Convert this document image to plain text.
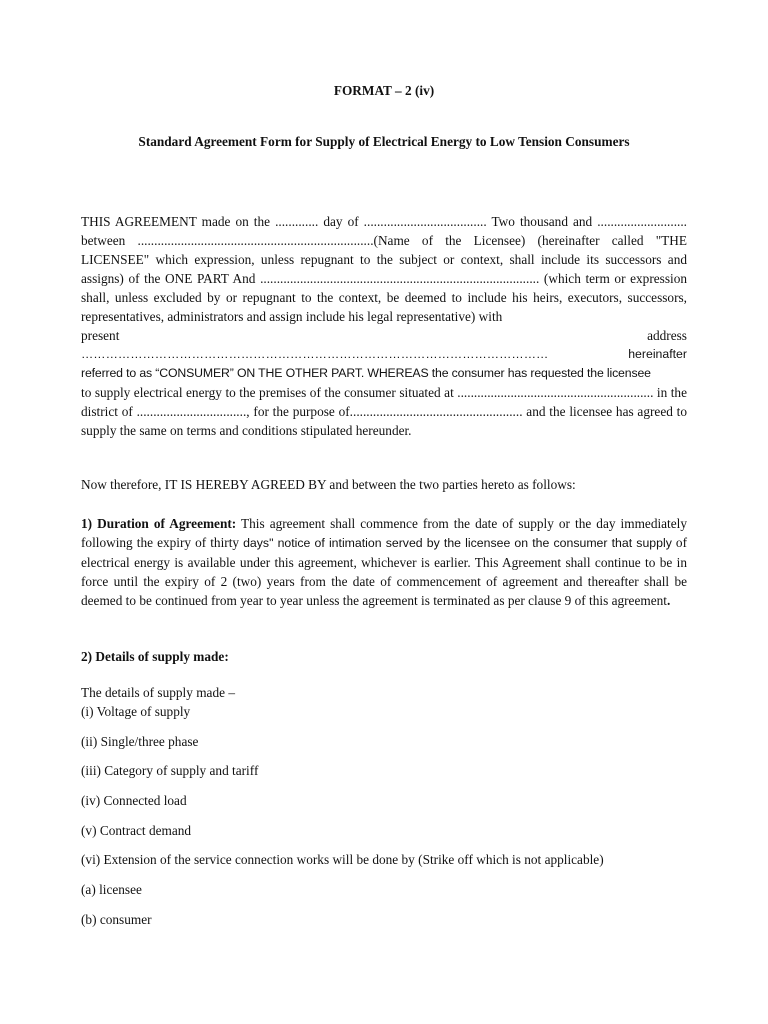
FORMAT – 2 (iv)
Standard Agreement Form for Supply of Electrical Energy to Low Tension Consumers

THIS AGREEMENT made on the ............. day of ..................................... Two thousand and ........................... between .......................................................................(Name of the Licensee) (hereinafter called "THE LICENSEE" which expression, unless repugnant to the subject or context, shall include its successors and assigns) of the ONE PART And .................................................................................... (which term or expression shall, unless excluded by or repugnant to the context, be deemed to include his heirs, executors, successors, representatives, administrators and assign include his legal representative) with

present	address
……………………………………………………………………………………………………	hereinafter
referred to as “CONSUMER” ON THE OTHER PART. WHEREAS the consumer has requested the licensee

to supply electrical energy to the premises of the consumer situated at ........................................................... in the district of ................................., for the purpose of.................................................... and the licensee has agreed to supply the same on terms and conditions stipulated hereunder.

Now therefore, IT IS HEREBY AGREED BY and between the two parties hereto as follows:

1) Duration of Agreement: This agreement shall commence from the date of supply or the day immediately following the expiry of thirty days" notice of intimation served by the licensee on the consumer that supply of electrical energy is available under this agreement, whichever is earlier. This Agreement shall continue to be in force until the expiry of 2 (two) years from the date of commencement of agreement and thereafter shall be deemed to be continued from year to year unless the agreement is terminated as per clause 9 of this agreement.

2) Details of supply made:
The details of supply made –
(i) Voltage of supply
(ii) Single/three phase
(iii) Category of supply and tariff
(iv) Connected load
(v) Contract demand
(vi) Extension of the service connection works will be done by (Strike off which is not applicable)
(a) licensee
(b) consumer
